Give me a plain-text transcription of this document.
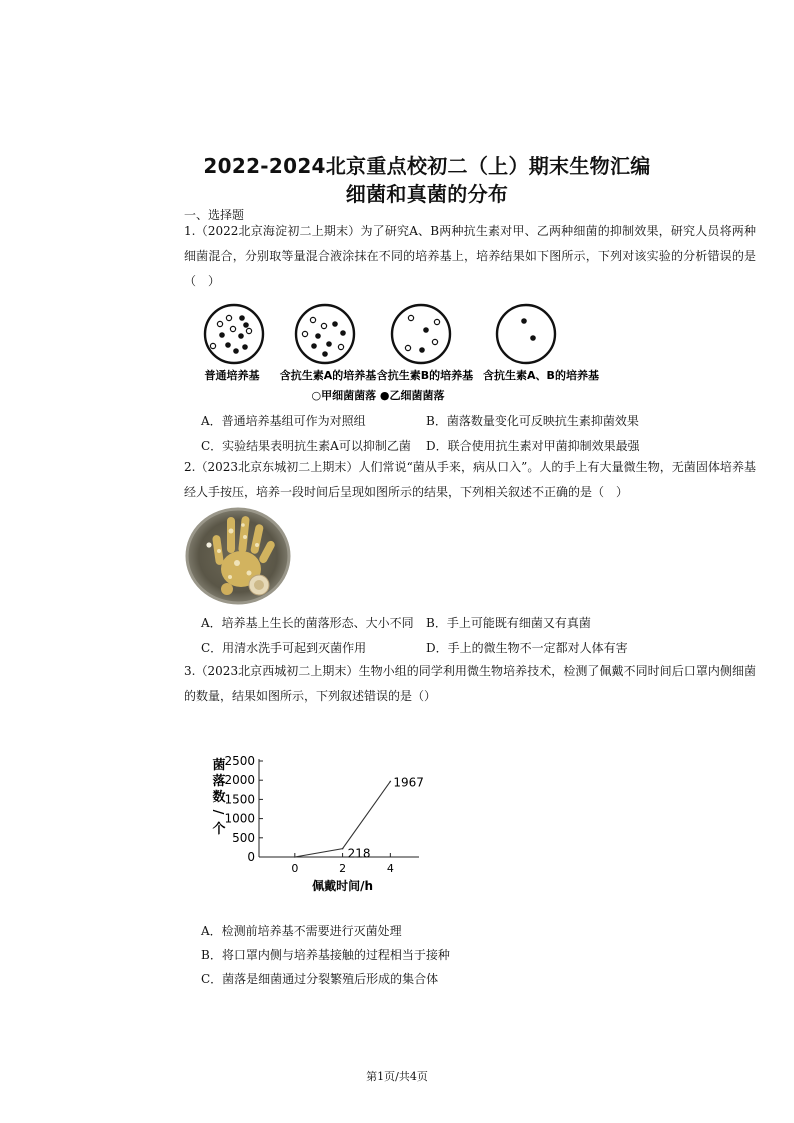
2022-2024北京重点校初二（上）期末生物汇编
细菌和真菌的分布
一、选择题
1.（2022北京海淀初二上期末）为了研究A、B两种抗生素对甲、乙两种细菌的抑制效果，研究人员将两种细菌混合，分别取等量混合液涂抹在不同的培养基上，培养结果如下图所示，下列对该实验的分析错误的是（　）
普通培养基 含抗生素A的培养基 含抗生素B的培养基 含抗生素A、B的培养基
○甲细菌菌落 ●乙细菌菌落
A．普通培养基组可作为对照组	B．菌落数量变化可反映抗生素抑菌效果
C．实验结果表明抗生素A可以抑制乙菌 D．联合使用抗生素对甲菌抑制效果最强
2.（2023北京东城初二上期末）人们常说“菌从手来，病从口入”。人的手上有大量微生物，无菌固体培养基经人手按压，培养一段时间后呈现如图所示的结果，下列相关叙述不正确的是（　）
A．培养基上生长的菌落形态、大小不同 B．手上可能既有细菌又有真菌
C．用清水洗手可起到灭菌作用	D．手上的微生物不一定都对人体有害
3.（2023北京西城初二上期末）生物小组的同学利用微生物培养技术，检测了佩戴不同时间后口罩内侧细菌的数量，结果如图所示，下列叙述错误的是（）
0
500
1000
1500
2000
2500
0	2	4
218
1967
菌
落
数
/
个
佩戴时间/h
A．检测前培养基不需要进行灭菌处理
B．将口罩内侧与培养基接触的过程相当于接种
C．菌落是细菌通过分裂繁殖后形成的集合体
第1页/共4页
